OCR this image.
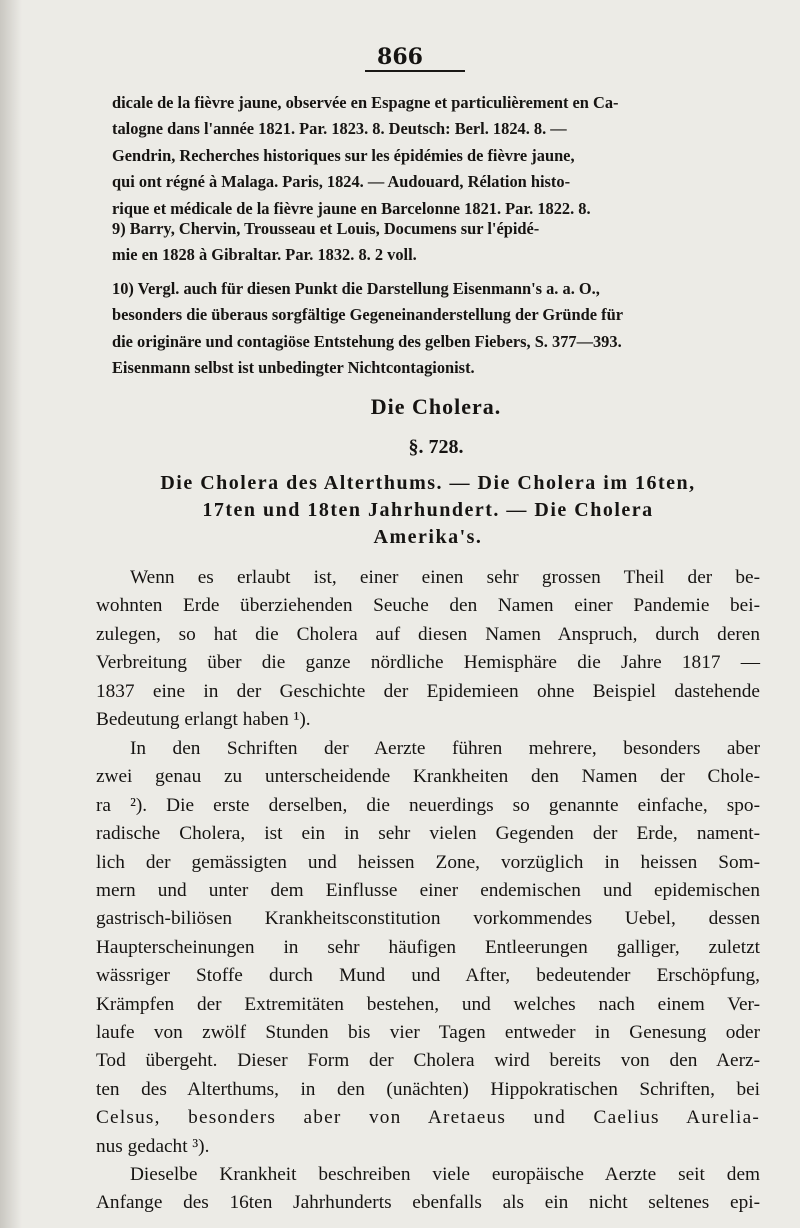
866
dicale de la fièvre jaune, observée en Espagne et particulièrement en Ca-
talogne dans l'année 1821. Par. 1823. 8. Deutsch: Berl. 1824. 8. —
Gendrin, Recherches historiques sur les épidémies de fièvre jaune,
qui ont régné à Malaga. Paris, 1824. — Audouard, Rélation histo-
rique et médicale de la fièvre jaune en Barcelonne 1821. Par. 1822. 8.
9) Barry, Chervin, Trousseau et Louis, Documens sur l'épidé-
mie en 1828 à Gibraltar. Par. 1832. 8. 2 voll.
10) Vergl. auch für diesen Punkt die Darstellung Eisenmann's a. a. O.,
besonders die überaus sorgfältige Gegeneinanderstellung der Gründe für
die originäre und contagiöse Entstehung des gelben Fiebers, S. 377—393.
Eisenmann selbst ist unbedingter Nichtcontagionist.
Die Cholera.
§. 728.
Die Cholera des Alterthums. — Die Cholera im 16ten,
17ten und 18ten Jahrhundert. — Die Cholera
Amerika's.
Wenn es erlaubt ist, einer einen sehr grossen Theil der be-
wohnten Erde überziehenden Seuche den Namen einer Pandemie bei-
zulegen, so hat die Cholera auf diesen Namen Anspruch, durch deren
Verbreitung über die ganze nördliche Hemisphäre die Jahre 1817 —
1837 eine in der Geschichte der Epidemieen ohne Beispiel dastehende
Bedeutung erlangt haben ¹).
In den Schriften der Aerzte führen mehrere, besonders aber
zwei genau zu unterscheidende Krankheiten den Namen der Chole-
ra ²). Die erste derselben, die neuerdings so genannte einfache, spo-
radische Cholera, ist ein in sehr vielen Gegenden der Erde, nament-
lich der gemässigten und heissen Zone, vorzüglich in heissen Som-
mern und unter dem Einflusse einer endemischen und epidemischen
gastrisch-biliösen Krankheitsconstitution vorkommendes Uebel, dessen
Haupterscheinungen in sehr häufigen Entleerungen galliger, zuletzt
wässriger Stoffe durch Mund und After, bedeutender Erschöpfung,
Krämpfen der Extremitäten bestehen, und welches nach einem Ver-
laufe von zwölf Stunden bis vier Tagen entweder in Genesung oder
Tod übergeht. Dieser Form der Cholera wird bereits von den Aerz-
ten des Alterthums, in den (unächten) Hippokratischen Schriften, bei
Celsus, besonders aber von Aretaeus und Caelius Aurelia-
nus gedacht ³).
Dieselbe Krankheit beschreiben viele europäische Aerzte seit dem
Anfange des 16ten Jahrhunderts ebenfalls als ein nicht seltenes epi-
